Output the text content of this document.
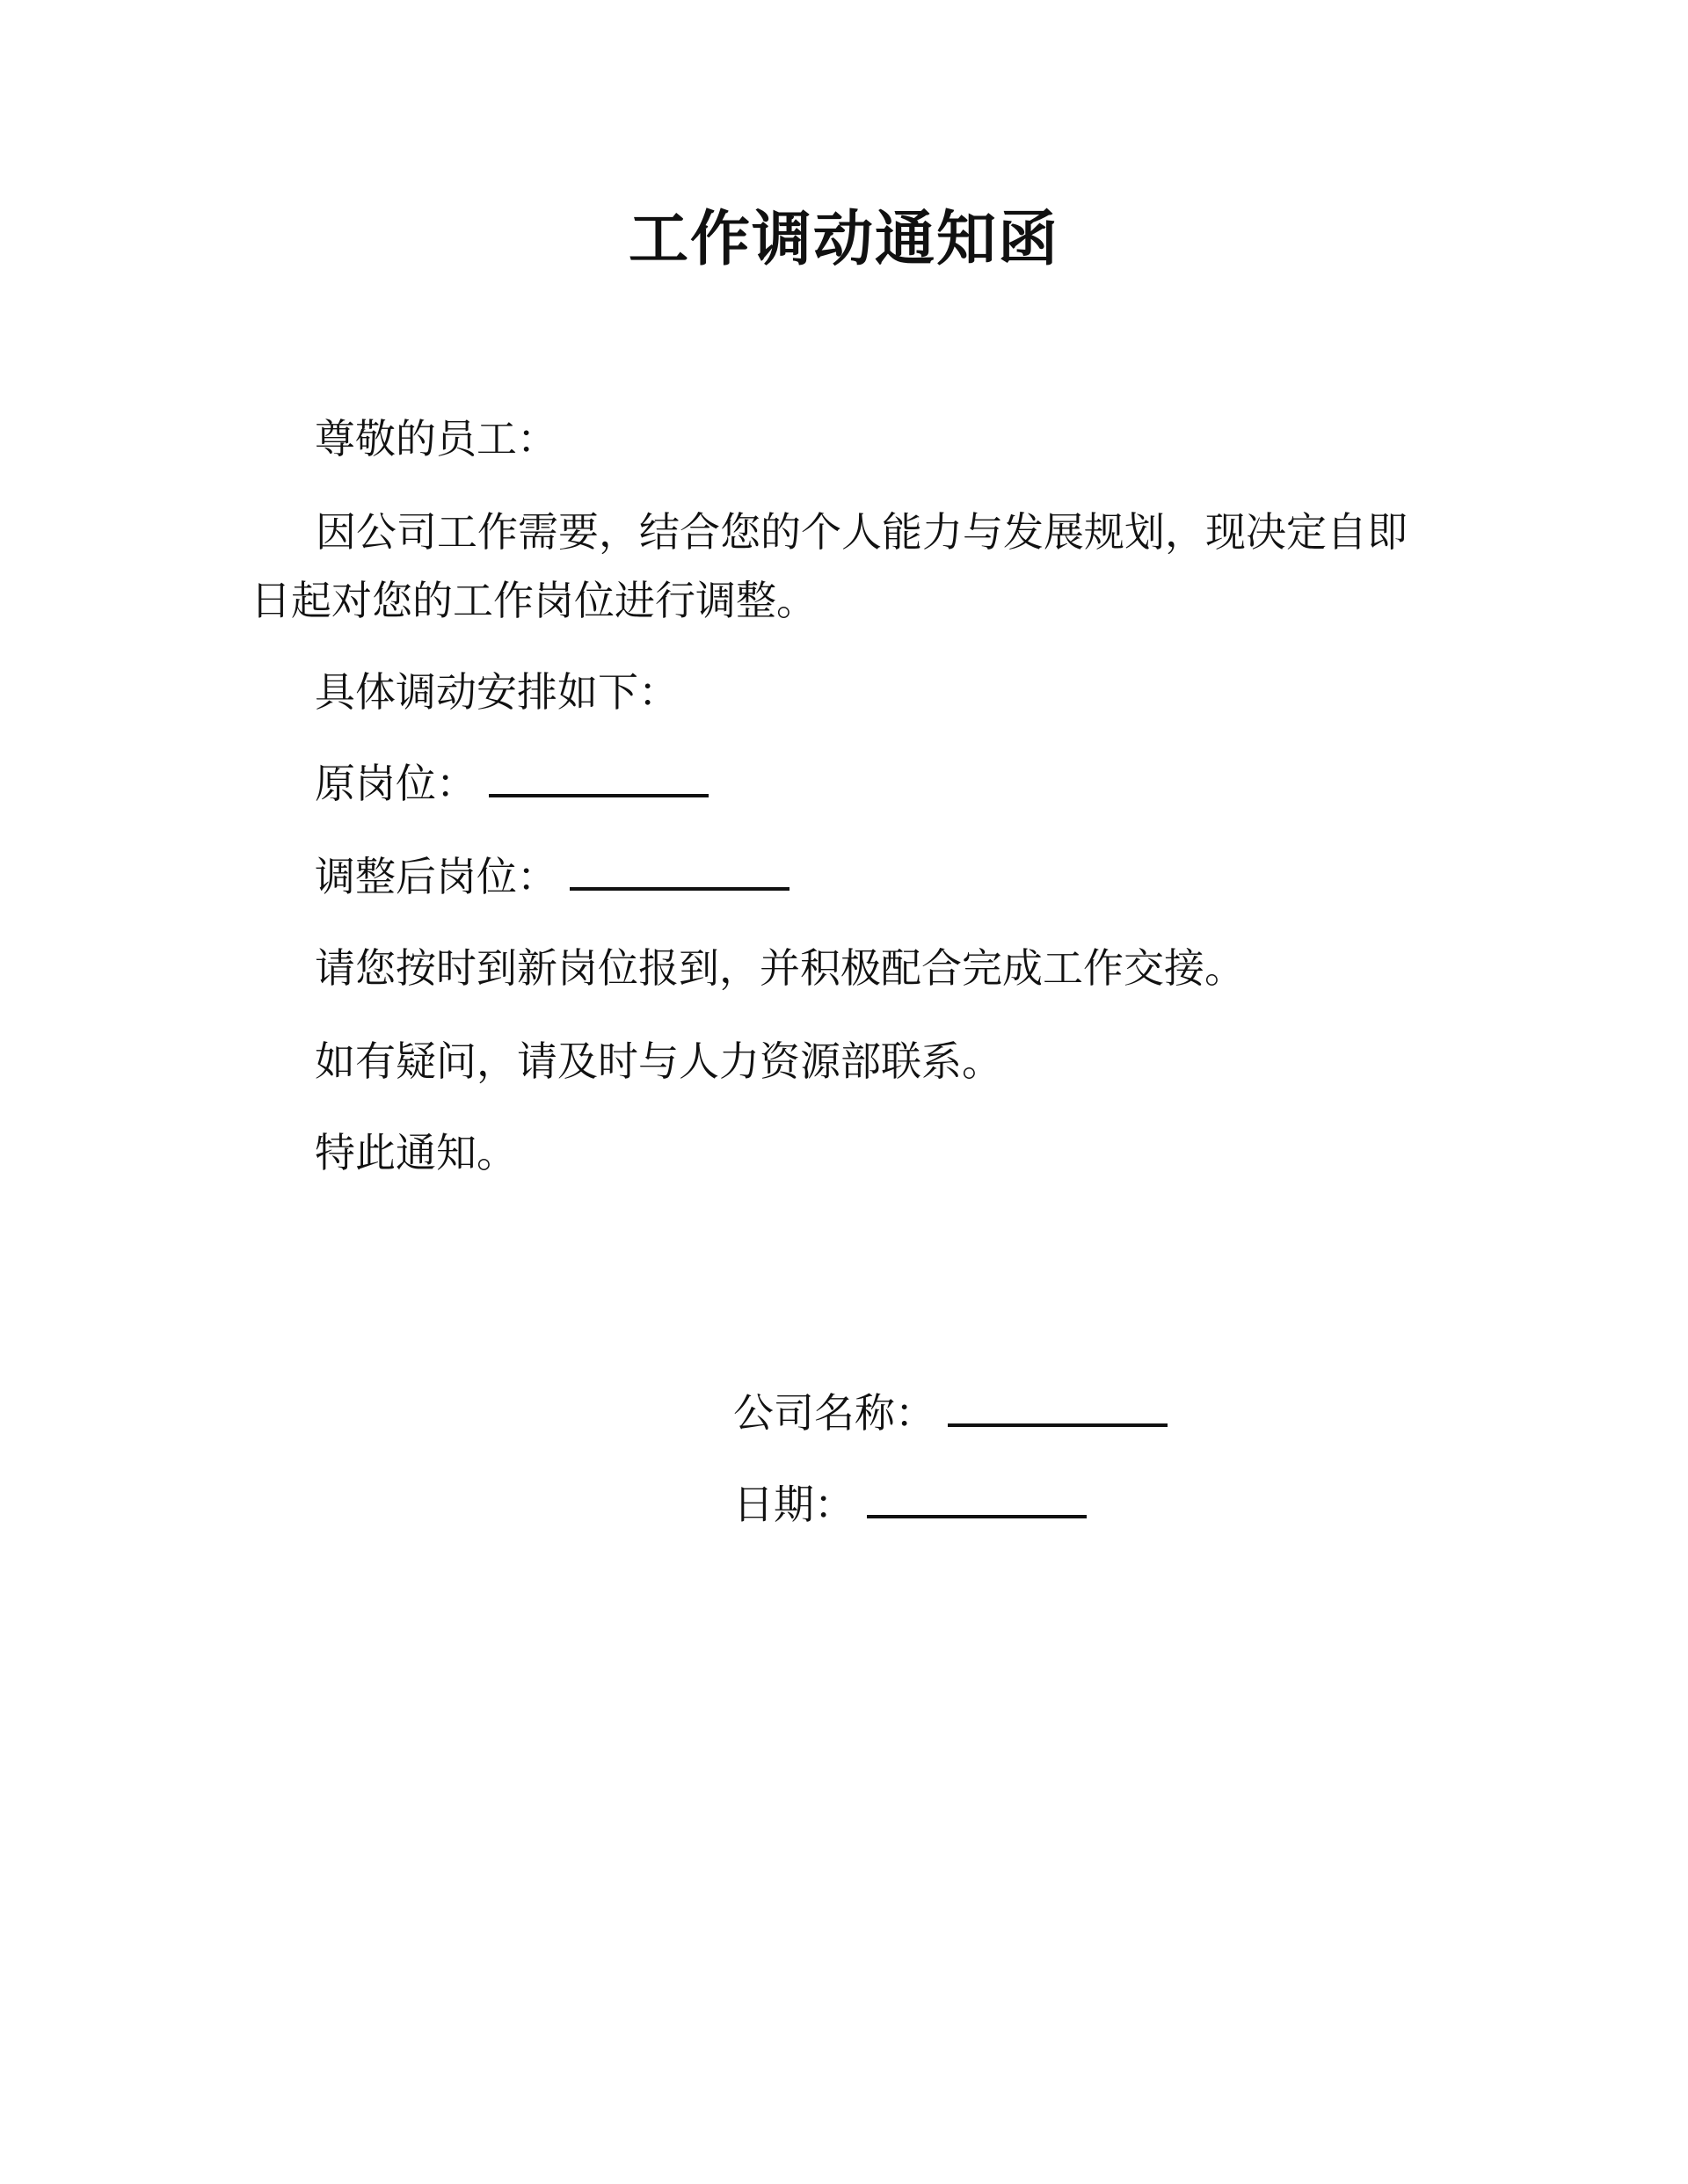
工作调动通知函
尊敬的员工：
因公司工作需要，结合您的个人能力与发展规划，现决定自即日起对您的工作岗位进行调整。
具体调动安排如下：
原岗位：
调整后岗位：
请您按时到新岗位报到，并积极配合完成工作交接。
如有疑问，请及时与人力资源部联系。
特此通知。
公司名称：
日期：
